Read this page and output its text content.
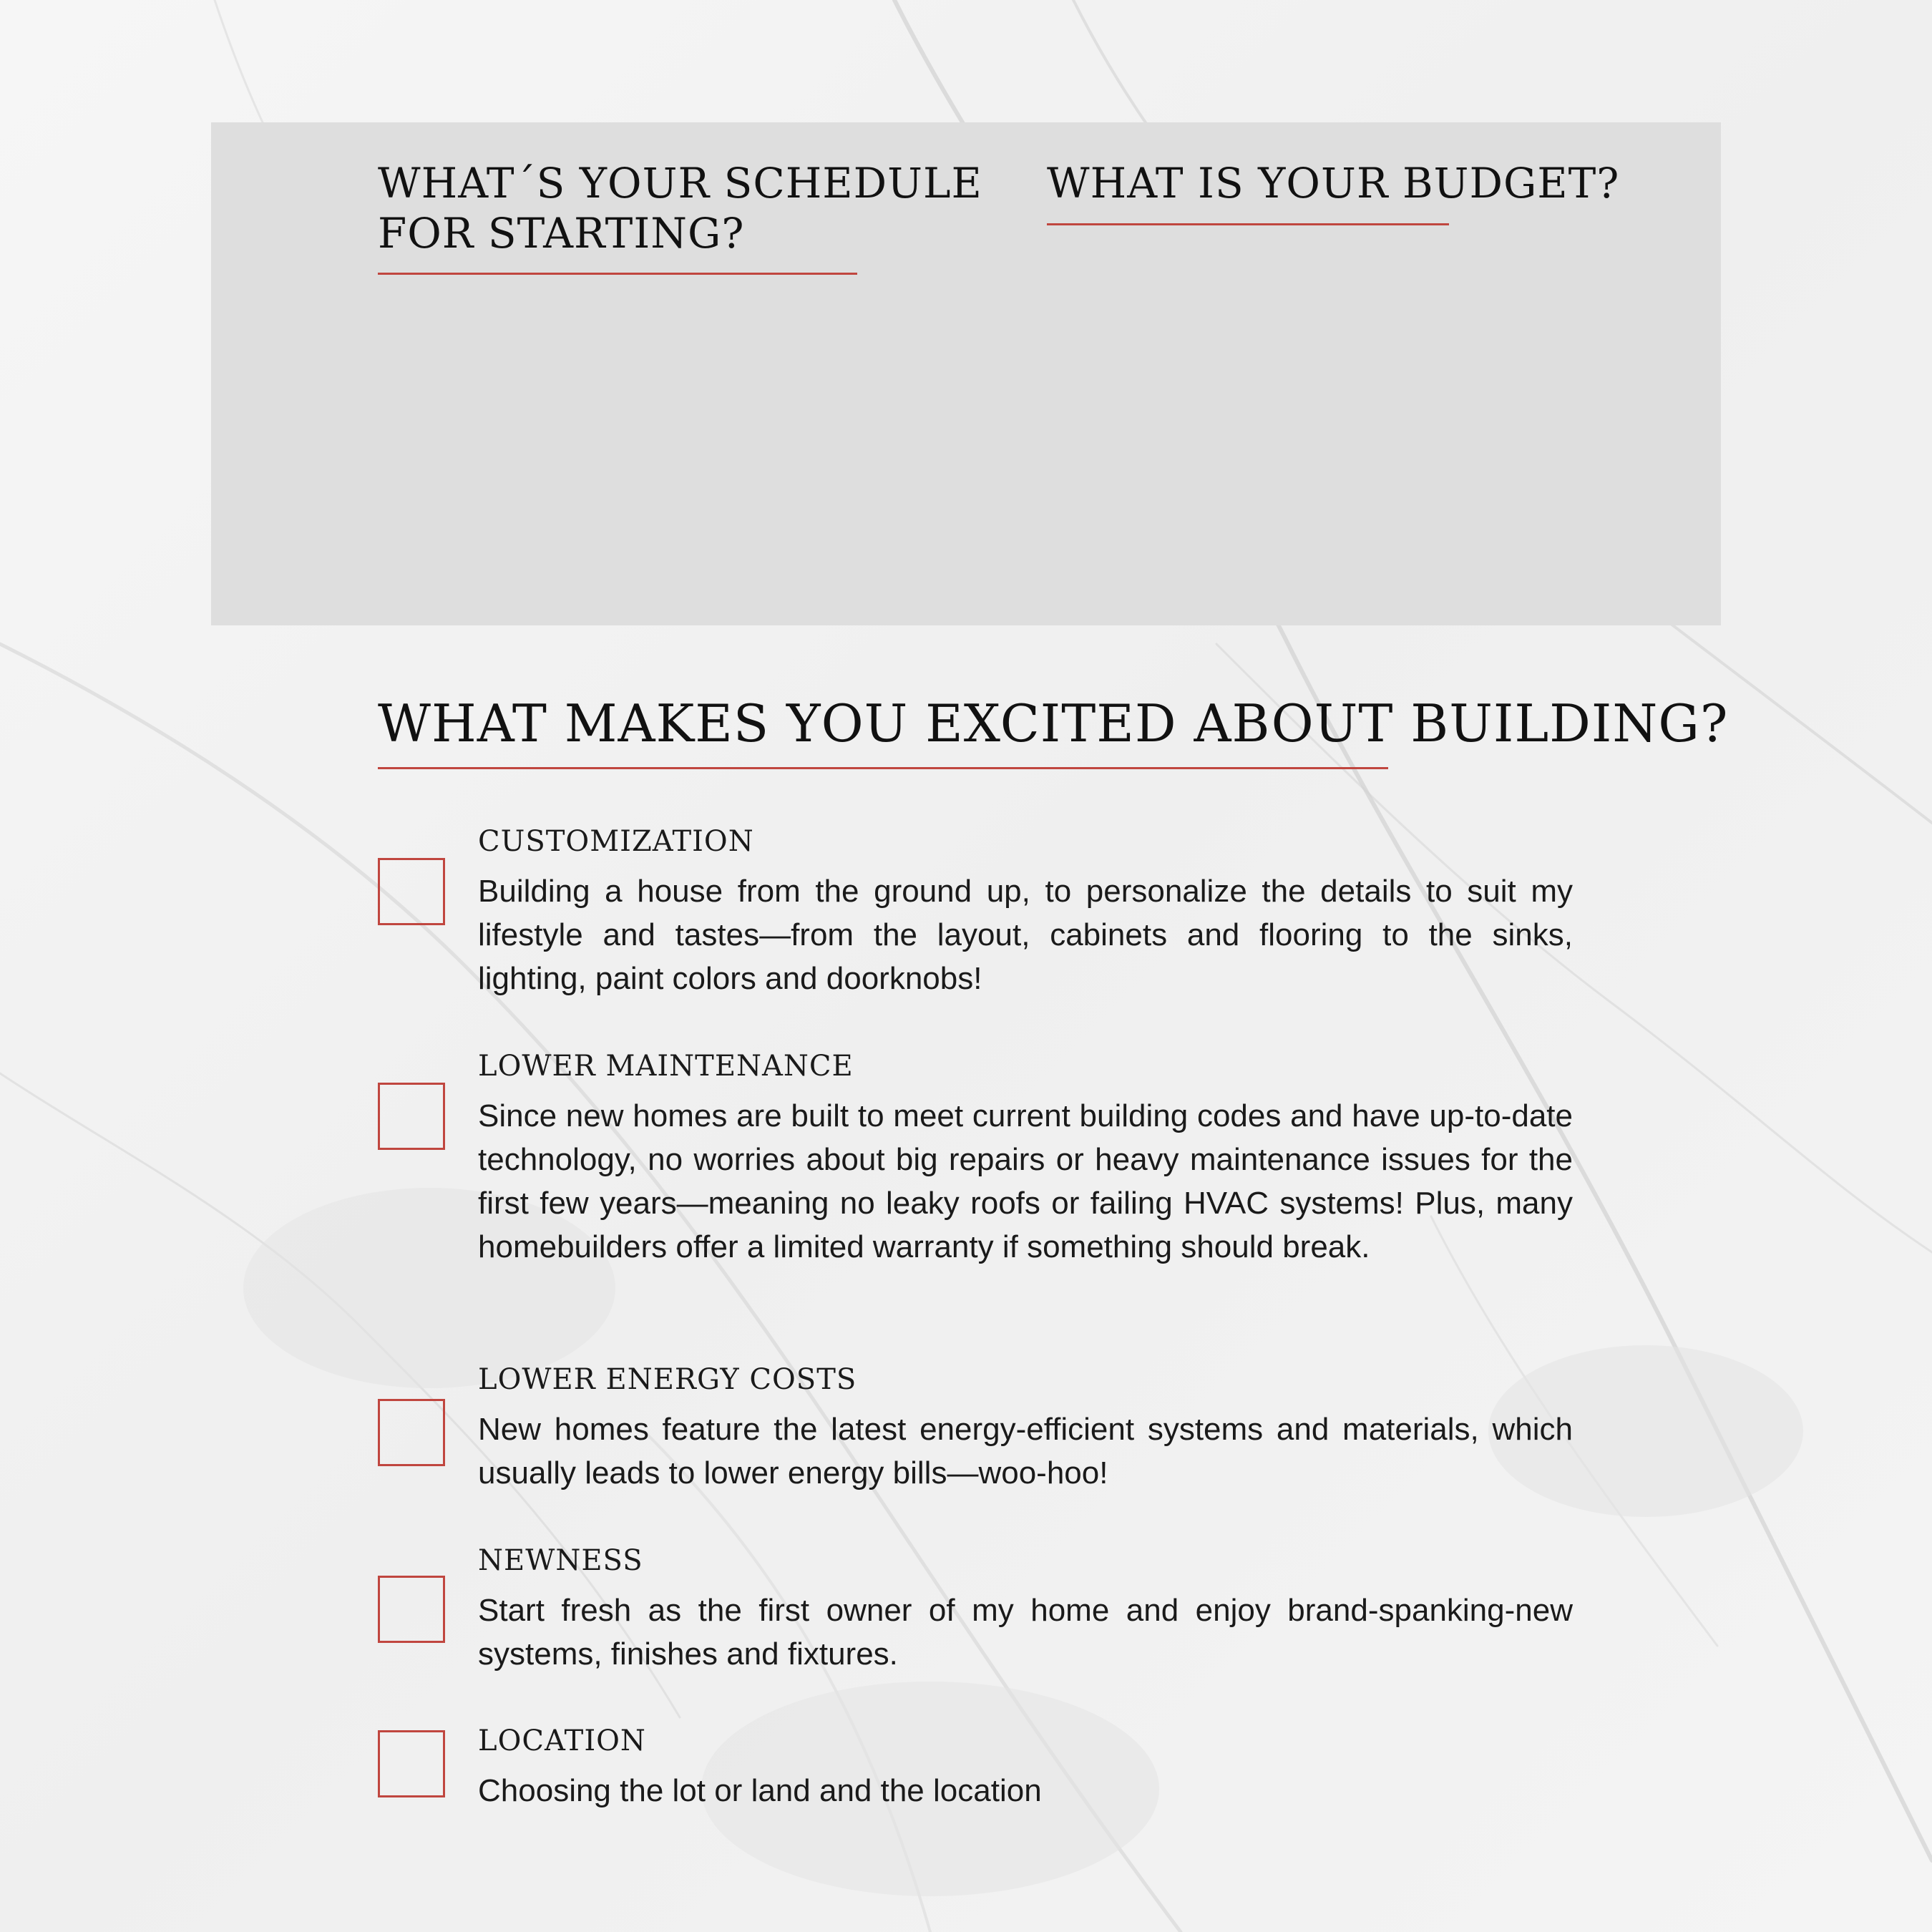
WHAT´S YOUR SCHEDULE
FOR STARTING?
WHAT IS YOUR BUDGET?
WHAT MAKES YOU EXCITED ABOUT BUILDING?
CUSTOMIZATION
Building a house from the ground up, to personalize the details to suit my lifestyle and tastes—from the layout, cabinets and flooring to the sinks, lighting, paint colors and doorknobs!
LOWER MAINTENANCE
Since new homes are built to meet current building codes and have up-to-date technology, no worries about big repairs or heavy maintenance issues for the first few years—meaning no leaky roofs or failing HVAC systems! Plus, many homebuilders offer a limited warranty if something should break.
LOWER ENERGY COSTS
New homes feature the latest energy-efficient systems and materials, which usually leads to lower energy bills—woo-hoo!
NEWNESS
Start fresh as the first owner of my home and enjoy brand-spanking-new systems, finishes and fixtures.
LOCATION
Choosing the lot or land and the location
